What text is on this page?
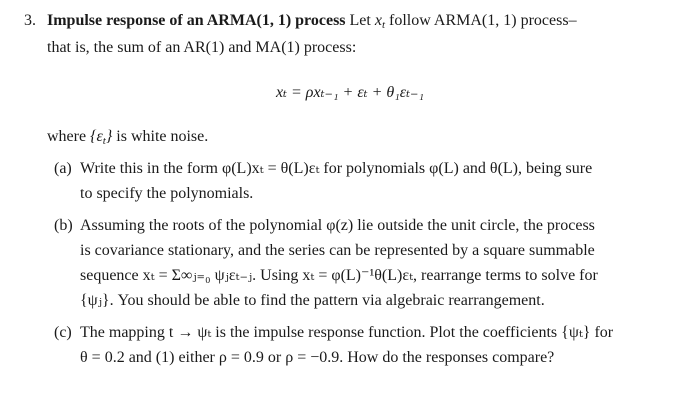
3. Impulse response of an ARMA(1, 1) process Let $x_t$ follow ARMA(1, 1) process–
that is, the sum of an AR(1) and MA(1) process:
xₜ = ρxₜ₋₁ + εₜ + θ₁εₜ₋₁
where $\{\varepsilon_t\}$ is white noise.
(a) Write this in the form φ(L)xₜ = θ(L)εₜ for polynomials φ(L) and θ(L), being sure
to specify the polynomials.
(b) Assuming the roots of the polynomial φ(z) lie outside the unit circle, the process
is covariance stationary, and the series can be represented by a square summable
sequence xₜ = Σ∞ⱼ₌₀ ψⱼεₜ₋ⱼ. Using xₜ = φ(L)⁻¹θ(L)εₜ, rearrange terms to solve for
{ψⱼ}. You should be able to find the pattern via algebraic rearrangement.
(c) The mapping t → ψₜ is the impulse response function. Plot the coefficients {ψₜ} for
θ = 0.2 and (1) either ρ = 0.9 or ρ = −0.9. How do the responses compare?
